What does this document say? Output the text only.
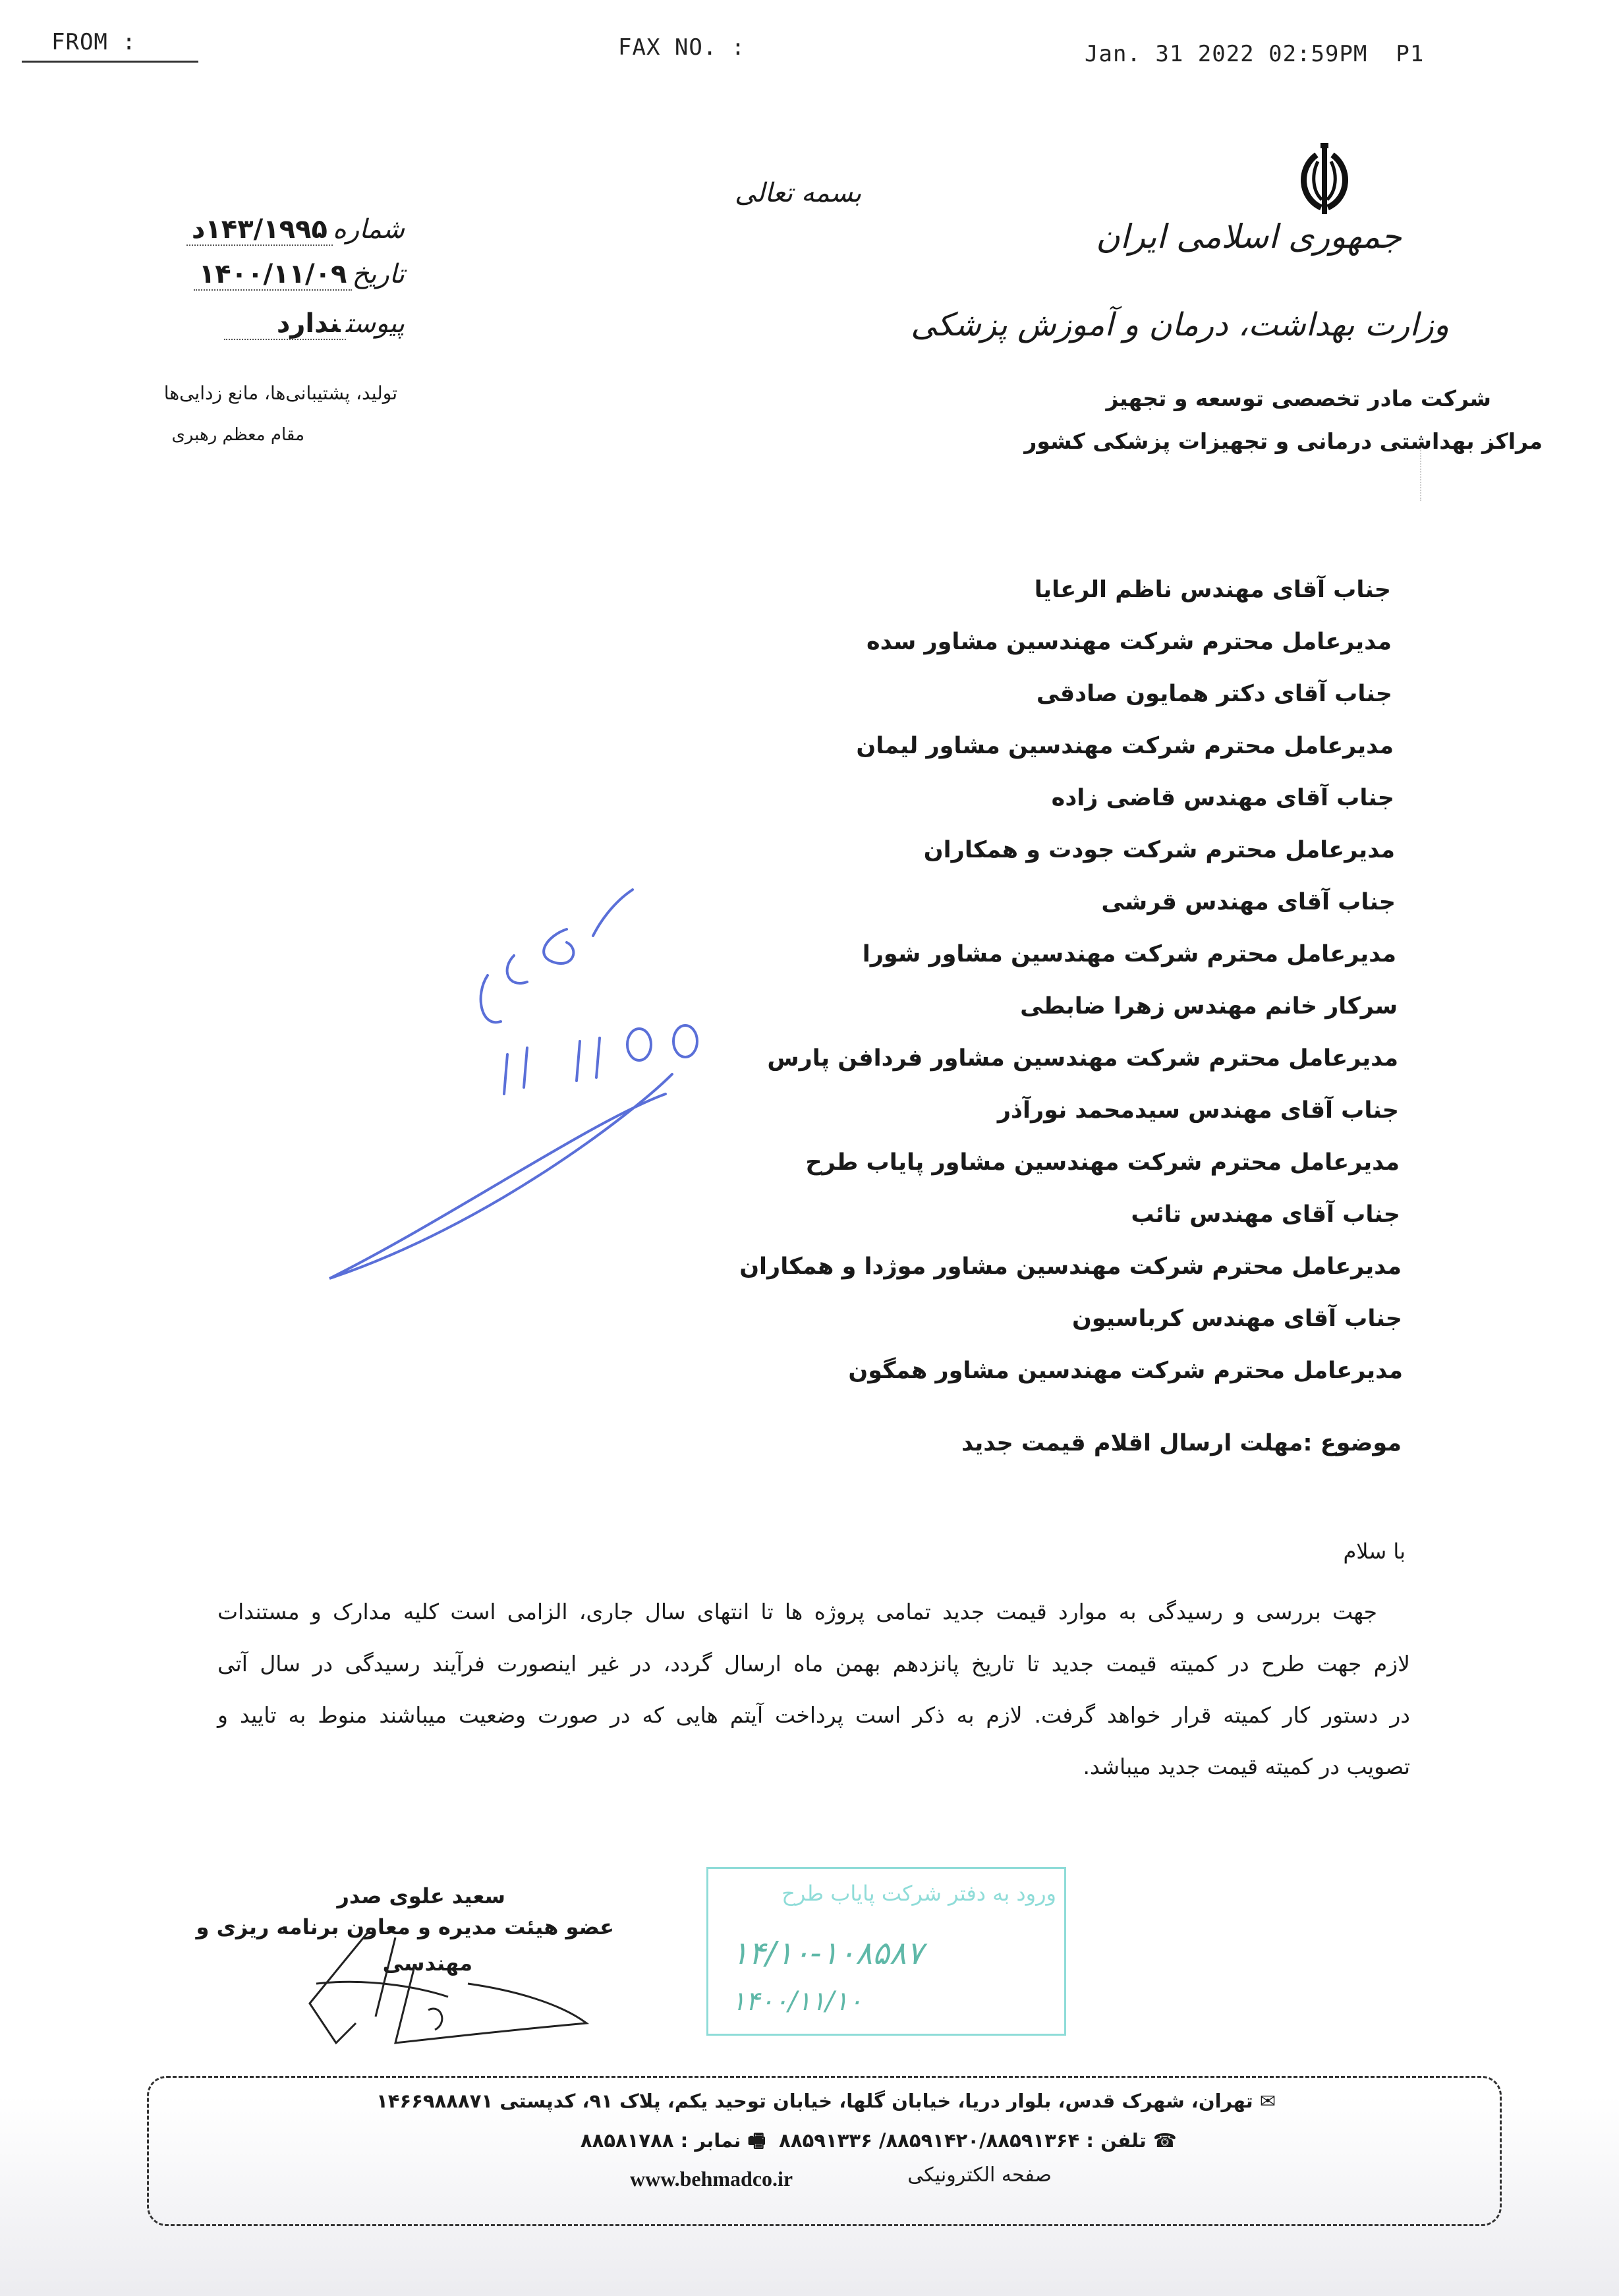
FROM :	FAX NO. :	Jan. 31 2022 02:59PM P1
جمهوری اسلامی ایران
وزارت بهداشت، درمان و آموزش پزشکی
شرکت مادر تخصصی توسعه و تجهیز
مراکز بهداشتی درمانی و تجهیزات پزشکی کشور
بسمه تعالی
شماره۱۴۳/۱۹۹۵د
تاریخ۱۴۰۰/۱۱/۰۹
پیوستندارد
تولید، پشتیبانی‌ها، مانع زدایی‌ها
مقام معظم رهبری
جناب آقای مهندس ناظم الرعایا
مدیرعامل محترم شرکت مهندسین مشاور سده
جناب آقای دکتر همایون صادقی
مدیرعامل محترم شرکت مهندسین مشاور لیمان
جناب آقای مهندس قاضی زاده
مدیرعامل محترم شرکت جودت و همکاران
جناب آقای مهندس قرشی
مدیرعامل محترم شرکت مهندسین مشاور شورا
سرکار خانم مهندس زهرا ضابطی
مدیرعامل محترم شرکت مهندسین مشاور فردافن پارس
جناب آقای مهندس سیدمحمد نورآذر
مدیرعامل محترم شرکت مهندسین مشاور پایاب طرح
جناب آقای مهندس تائب
مدیرعامل محترم شرکت مهندسین مشاور موژدا و همکاران
جناب آقای مهندس کرباسیون
مدیرعامل محترم شرکت مهندسین مشاور همگون
موضوع :مهلت ارسال اقلام قیمت جدید
با سلام
جهت بررسی و رسیدگی به موارد قیمت جدید تمامی پروژه ها تا انتهای سال جاری، الزامی است کلیه مدارک و مستندات
لازم جهت طرح در کمیته قیمت جدید تا تاریخ پانزدهم بهمن ماه ارسال گردد، در غیر اینصورت فرآیند رسیدگی در سال آتی
در دستور کار کمیته قرار خواهد گرفت. لازم به ذکر است پرداخت آیتم هایی که در صورت وضعیت میباشند منوط به تایید و
تصویب در کمیته قیمت جدید میباشد.
سعید علوی صدر
عضو هیئت مدیره و معاون برنامه ریزی و
مهندسی
ورود به دفتر شرکت پایاب طرح
۱۴/۱۰-۱۰۸۵۸۷
۱۴۰۰/۱۱/۱۰
✉ تهران، شهرک قدس، بلوار دریا، خیابان گلها، خیابان توحید یکم، پلاک ۹۱، کدپستی ۱۴۶۶۹۸۸۸۷۱
☎ تلفن : ۸۸۵۹۱۴۲۰/۸۸۵۹۱۳۶۴/ ۸۸۵۹۱۳۳۶  🖷 نمابر : ۸۸۵۸۱۷۸۸
صفحه الکترونیکی
www.behmadco.ir
